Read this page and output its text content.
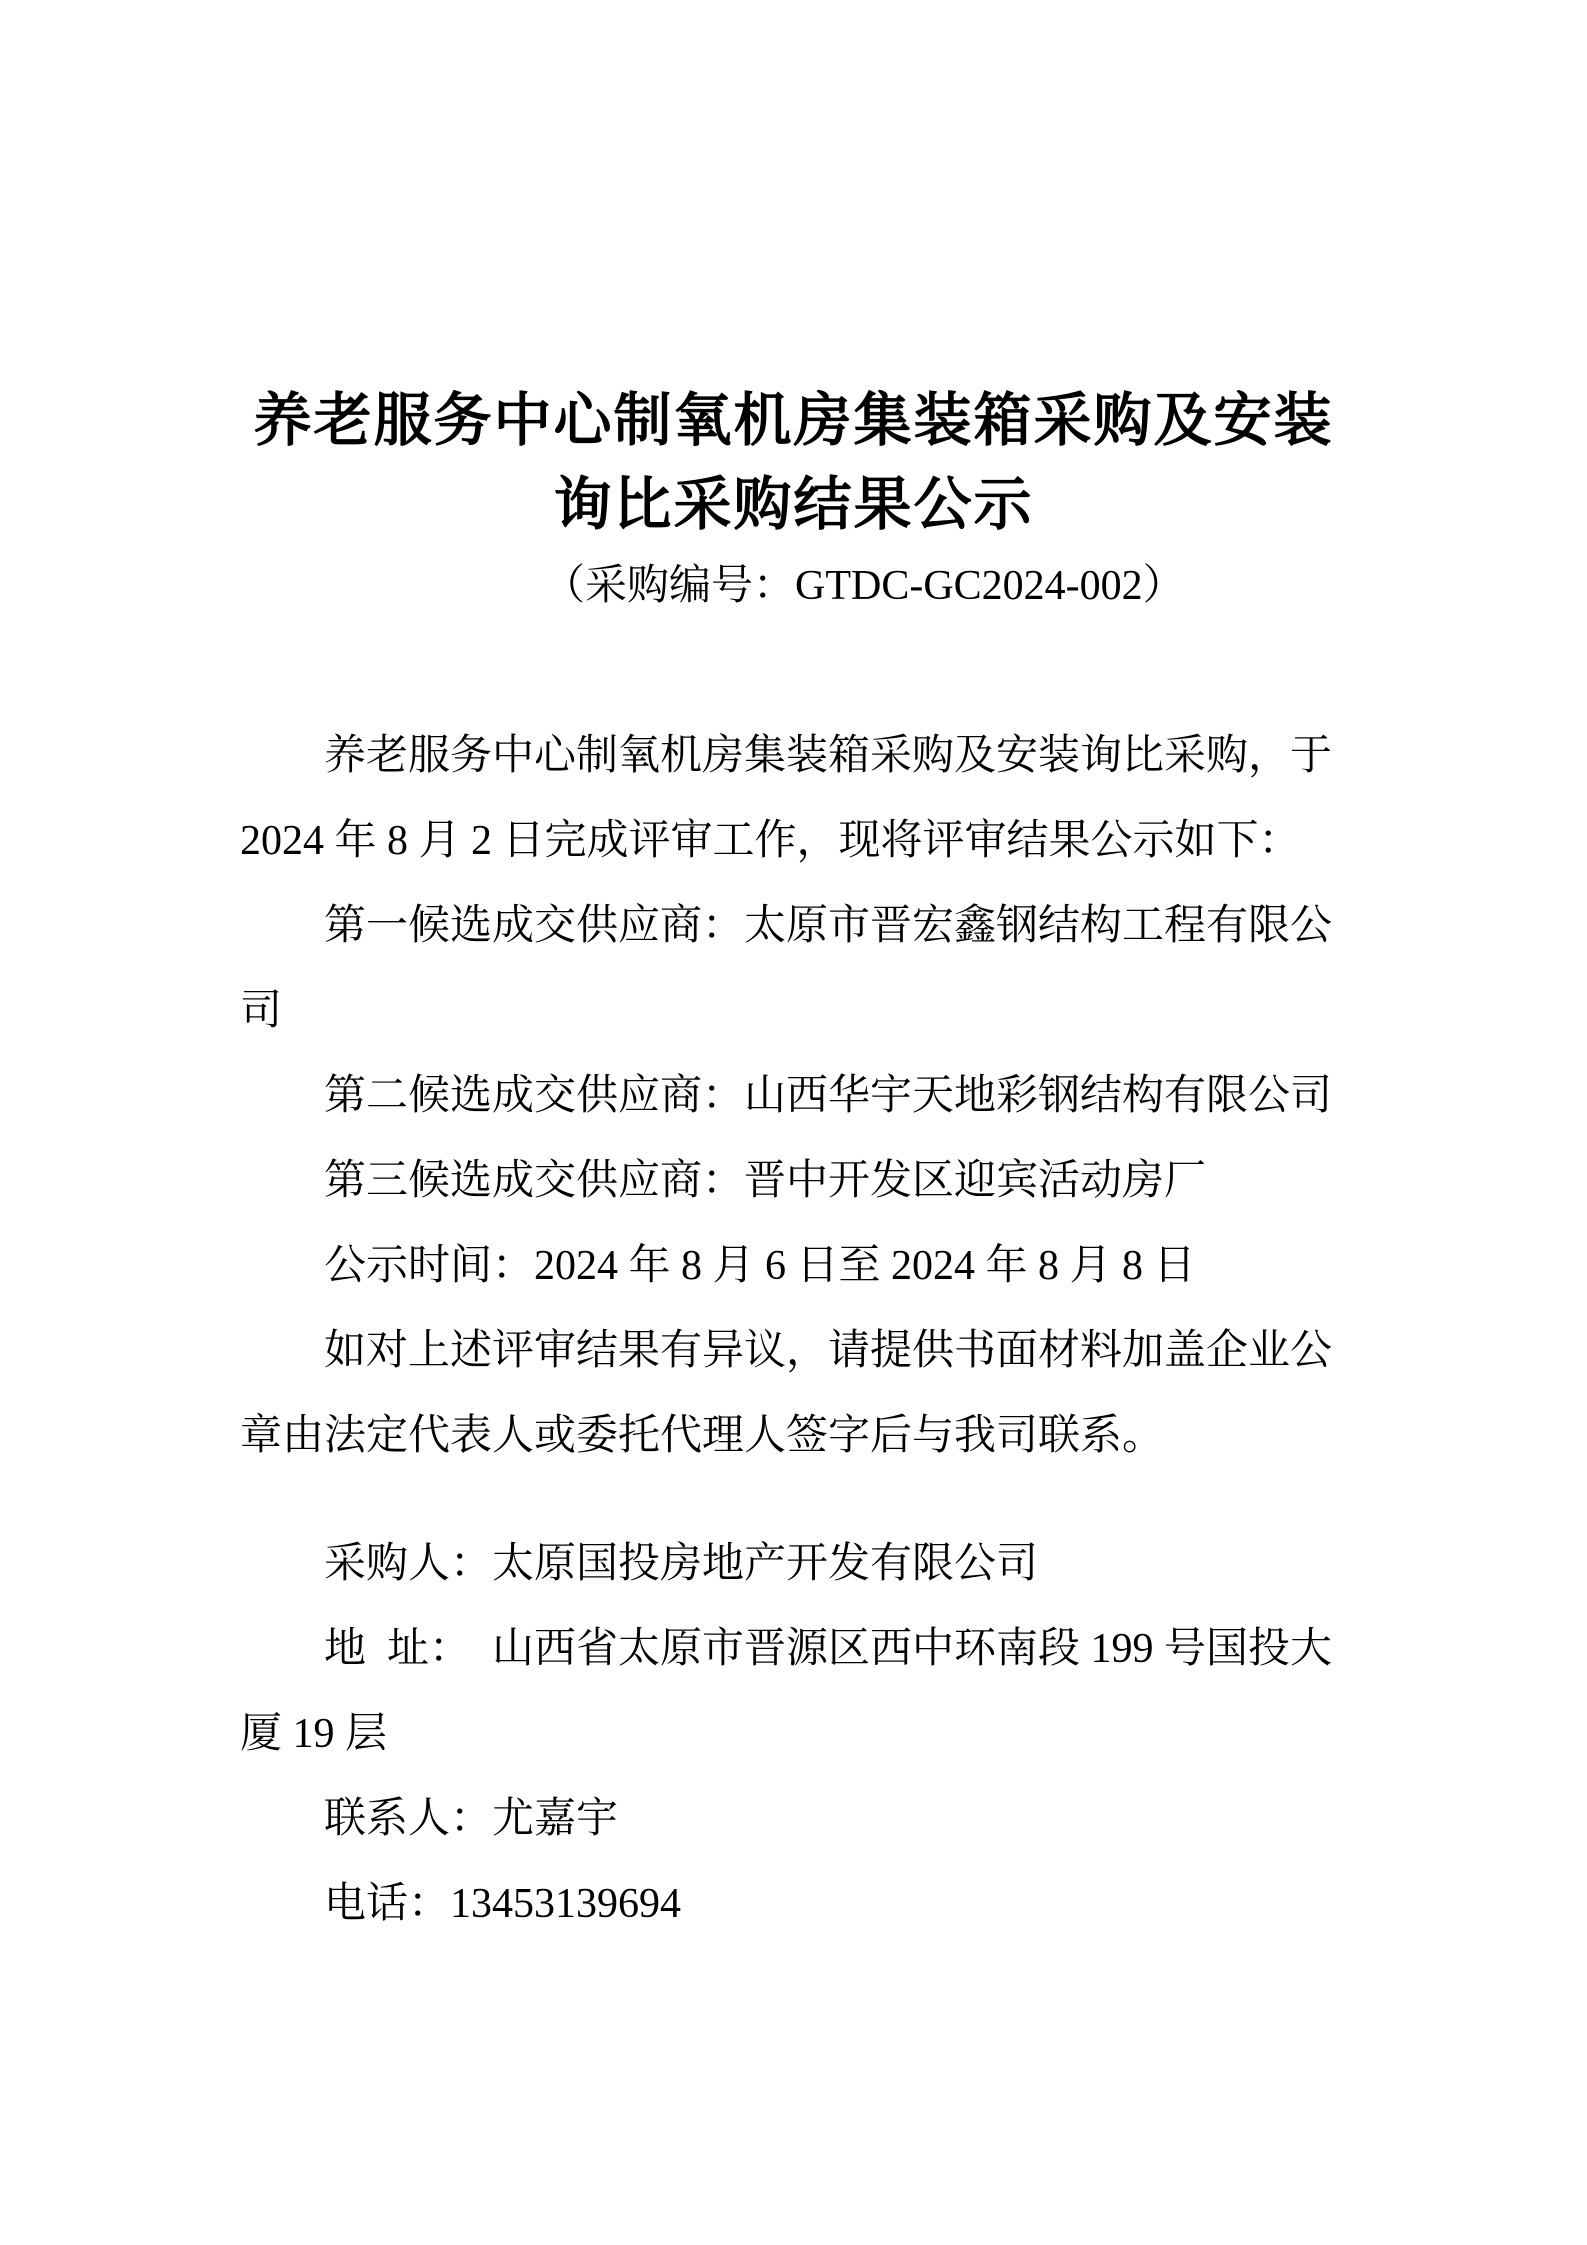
养老服务中心制氧机房集装箱采购及安装
询比采购结果公示
（采购编号：GTDC-GC2024-002）
养老服务中心制氧机房集装箱采购及安装询比采购，于
2024 年 8 月 2 日完成评审工作，现将评审结果公示如下：
第一候选成交供应商：太原市晋宏鑫钢结构工程有限公
司
第二候选成交供应商：山西华宇天地彩钢结构有限公司
第三候选成交供应商：晋中开发区迎宾活动房厂
公示时间：2024 年 8 月 6 日至 2024 年 8 月 8 日
如对上述评审结果有异议，请提供书面材料加盖企业公
章由法定代表人或委托代理人签字后与我司联系。
采购人：太原国投房地产开发有限公司
地  址：  山西省太原市晋源区西中环南段 199 号国投大
厦 19 层
联系人：尤嘉宇
电话：13453139694
